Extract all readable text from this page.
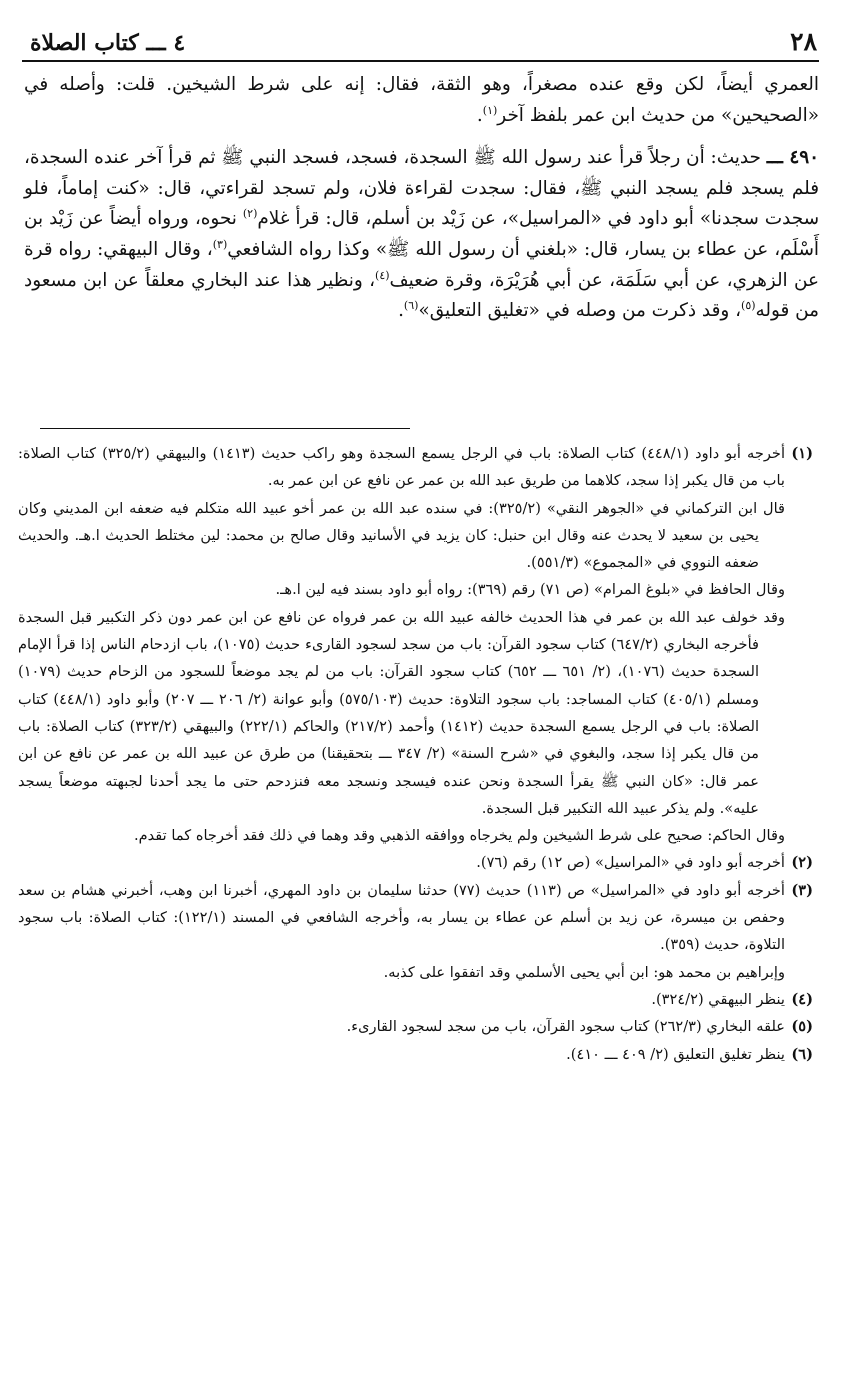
٢٨
٤ ـــ كتاب الصلاة

العمري أيضاً، لكن وقع عنده مصغراً، وهو الثقة، فقال: إنه على شرط الشيخين. قلت: وأصله في «الصحيحين» من حديث ابن عمر بلفظ آخر$^{(١)}$.

٤٩٠ ـــ حديث: أن رجلاً قرأ عند رسول الله ﷺ السجدة، فسجد، فسجد النبي ﷺ ثم قرأ آخر عنده السجدة، فلم يسجد فلم يسجد النبي ﷺ، فقال: سجدت لقراءة فلان، ولم تسجد لقراءتي، قال: «كنت إماماً، فلو سجدت سجدنا» أبو داود في «المراسيل»، عن زَيْد بن أسلم، قال: قرأ غلام$^{(٢)}$ نحوه، ورواه أيضاً عن زَيْد بن أَسْلَم، عن عطاء بن يسار، قال: «بلغني أن رسول الله ﷺ» وكذا رواه الشافعي$^{(٣)}$، وقال البيهقي: رواه قرة عن الزهري، عن أبي سَلَمَة، عن أبي هُرَيْرَة، وقرة ضعيف$^{(٤)}$، ونظير هذا عند البخاري معلقاً عن ابن مسعود من قوله$^{(٥)}$، وقد ذكرت من وصله في «تغليق التعليق»$^{(٦)}$.

(١)

أخرجه أبو داود (٤٤٨/١) كتاب الصلاة: باب في الرجل يسمع السجدة وهو راكب حديث (١٤١٣) والبيهقي (٣٢٥/٢) كتاب الصلاة: باب من قال يكبر إذا سجد، كلاهما من طريق عبد الله بن عمر عن نافع عن ابن عمر به.

قال ابن التركماني في «الجوهر النقي» (٣٢٥/٢): في سنده عبد الله بن عمر أخو عبيد الله متكلم فيه ضعفه ابن المديني وكان يحيى بن سعيد لا يحدث عنه وقال ابن حنبل: كان يزيد في الأسانيد وقال صالح بن محمد: لين مختلط الحديث ا.هـ. والحديث ضعفه النووي في «المجموع» (٥٥١/٣).

وقال الحافظ في «بلوغ المرام» (ص ٧١) رقم (٣٦٩): رواه أبو داود بسند فيه لين ا.هـ.

وقد خولف عبد الله بن عمر في هذا الحديث خالفه عبيد الله بن عمر فرواه عن نافع عن ابن عمر دون ذكر التكبير قبل السجدة فأخرجه البخاري (٦٤٧/٢) كتاب سجود القرآن: باب من سجد لسجود القارىء حديث (١٠٧٥)، باب ازدحام الناس إذا قرأ الإمام السجدة حديث (١٠٧٦)، (٢/ ٦٥١ ـــ ٦٥٢) كتاب سجود القرآن: باب من لم يجد موضعاً للسجود من الزحام حديث (١٠٧٩) ومسلم (٤٠٥/١) كتاب المساجد: باب سجود التلاوة: حديث (٥٧٥/١٠٣) وأبو عوانة (٢/ ٢٠٦ ـــ ٢٠٧) وأبو داود (٤٤٨/١) كتاب الصلاة: باب في الرجل يسمع السجدة حديث (١٤١٢) وأحمد (٢١٧/٢) والحاكم (٢٢٢/١) والبيهقي (٣٢٣/٢) كتاب الصلاة: باب من قال يكبر إذا سجد، والبغوي في «شرح السنة» (٢/ ٣٤٧ ـــ بتحقيقنا) من طرق عن عبيد الله بن عمر عن نافع عن ابن عمر قال: «كان النبي ﷺ يقرأ السجدة ونحن عنده فيسجد ونسجد معه فنزدحم حتى ما يجد أحدنا لجبهته موضعاً يسجد عليه». ولم يذكر عبيد الله التكبير قبل السجدة.

وقال الحاكم: صحيح على شرط الشيخين ولم يخرجاه ووافقه الذهبي وقد وهما في ذلك فقد أخرجاه كما تقدم.

(٢)

أخرجه أبو داود في «المراسيل» (ص ١٢) رقم (٧٦).

(٣)

أخرجه أبو داود في «المراسيل» ص (١١٣) حديث (٧٧) حدثنا سليمان بن داود المهري، أخبرنا ابن وهب، أخبرني هشام بن سعد وحفص بن ميسرة، عن زيد بن أسلم عن عطاء بن يسار به، وأخرجه الشافعي في المسند (١٢٢/١): كتاب الصلاة: باب سجود التلاوة، حديث (٣٥٩).

وإبراهيم بن محمد هو: ابن أبي يحيى الأسلمي وقد اتفقوا على كذبه.

(٤)

ينظر البيهقي (٣٢٤/٢).

(٥)

علقه البخاري (٢٦٢/٣) كتاب سجود القرآن، باب من سجد لسجود القارىء.

(٦)

ينظر تغليق التعليق (٢/ ٤٠٩ ـــ ٤١٠).
